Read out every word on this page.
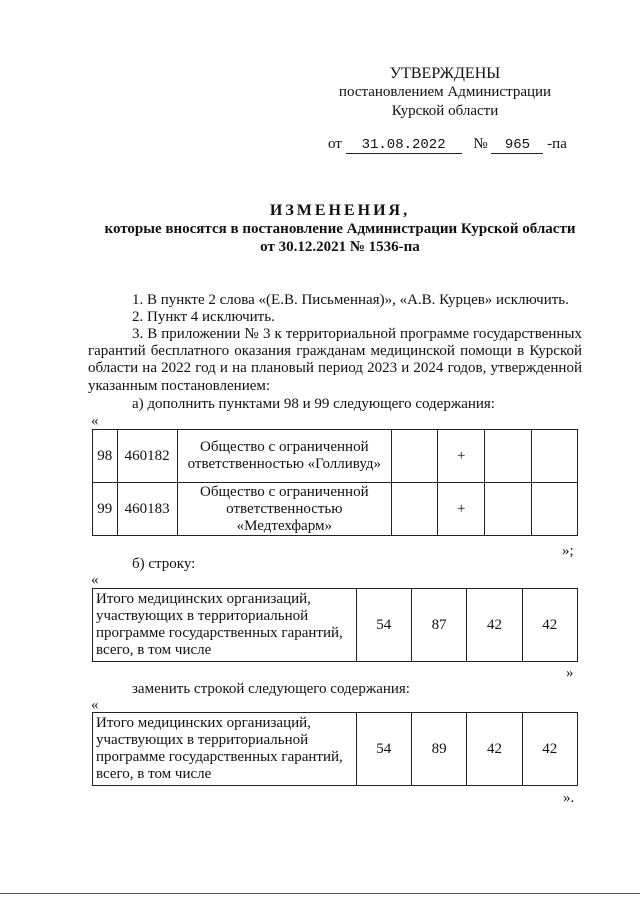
УТВЕРЖДЕНЫ
постановлением Администрации
Курской области
от 31.08.2022 № 965 -па
ИЗМЕНЕНИЯ,
которые вносятся в постановление Администрации Курской области
от 30.12.2021 № 1536-па
1. В пункте 2 слова «(Е.В. Письменная)», «А.В. Курцев» исключить.
2. Пункт 4 исключить.
3. В приложении № 3 к территориальной программе государственных гарантий бесплатного оказания гражданам медицинской помощи в Курской области на 2022 год и на плановый период 2023 и 2024 годов, утвержденной указанным постановлением:
а) дополнить пунктами 98 и 99 следующего содержания:
«
98	460182	Общество с ограниченной ответственностью «Голливуд»		+		
99	460183	Общество с ограниченной ответственностью «Медтехфарм»		+		
»;
б) строку:
«
Итого медицинских организаций, участвующих в территориальной программе государственных гарантий, всего, в том числе	54	87	42	42
»
заменить строкой следующего содержания:
«
Итого медицинских организаций, участвующих в территориальной программе государственных гарантий, всего, в том числе	54	89	42	42
».
